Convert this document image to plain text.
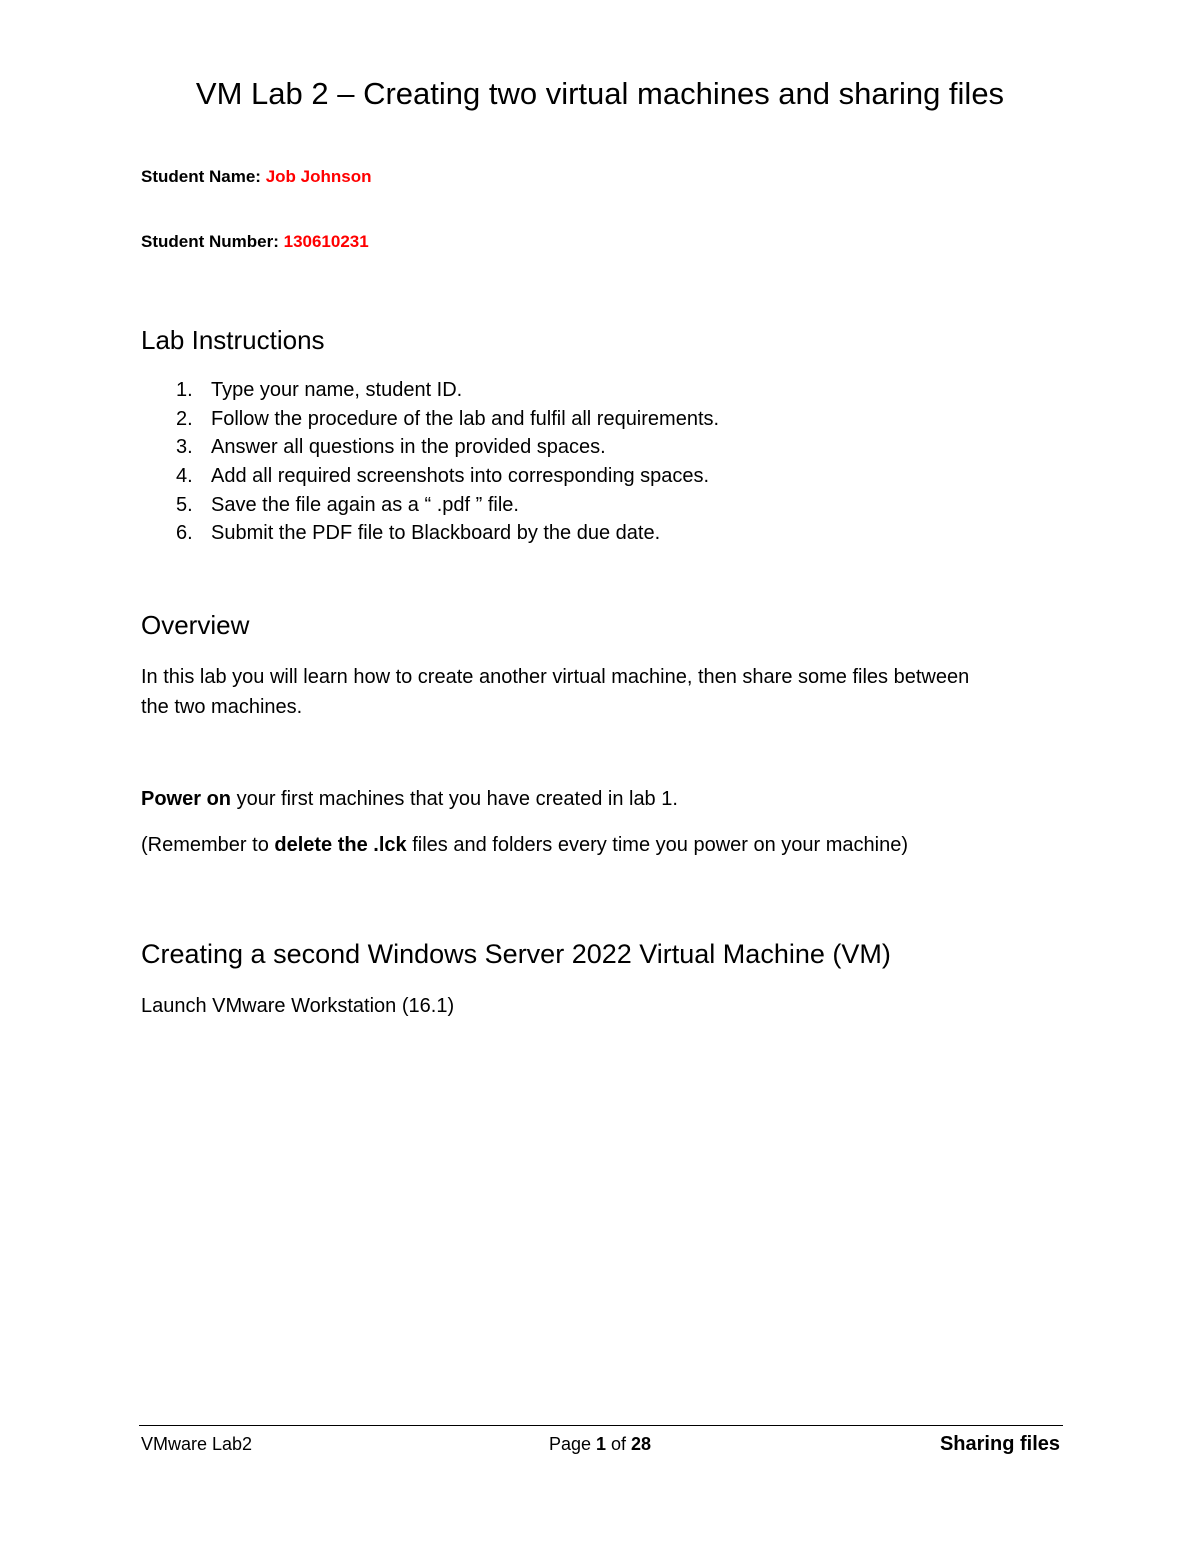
VM Lab 2 – Creating two virtual machines and sharing files
Student Name: Job Johnson
Student Number: 130610231
Lab Instructions
1. Type your name, student ID.
2. Follow the procedure of the lab and fulfil all requirements.
3. Answer all questions in the provided spaces.
4. Add all required screenshots into corresponding spaces.
5. Save the file again as a “ .pdf ” file.
6. Submit the PDF file to Blackboard by the due date.
Overview
In this lab you will learn how to create another virtual machine, then share some files between
the two machines.
Power on your first machines that you have created in lab 1.
(Remember to delete the .lck files and folders every time you power on your machine)
Creating a second Windows Server 2022 Virtual Machine (VM)
Launch VMware Workstation (16.1)
VMware Lab2	Page 1 of 28	Sharing files
